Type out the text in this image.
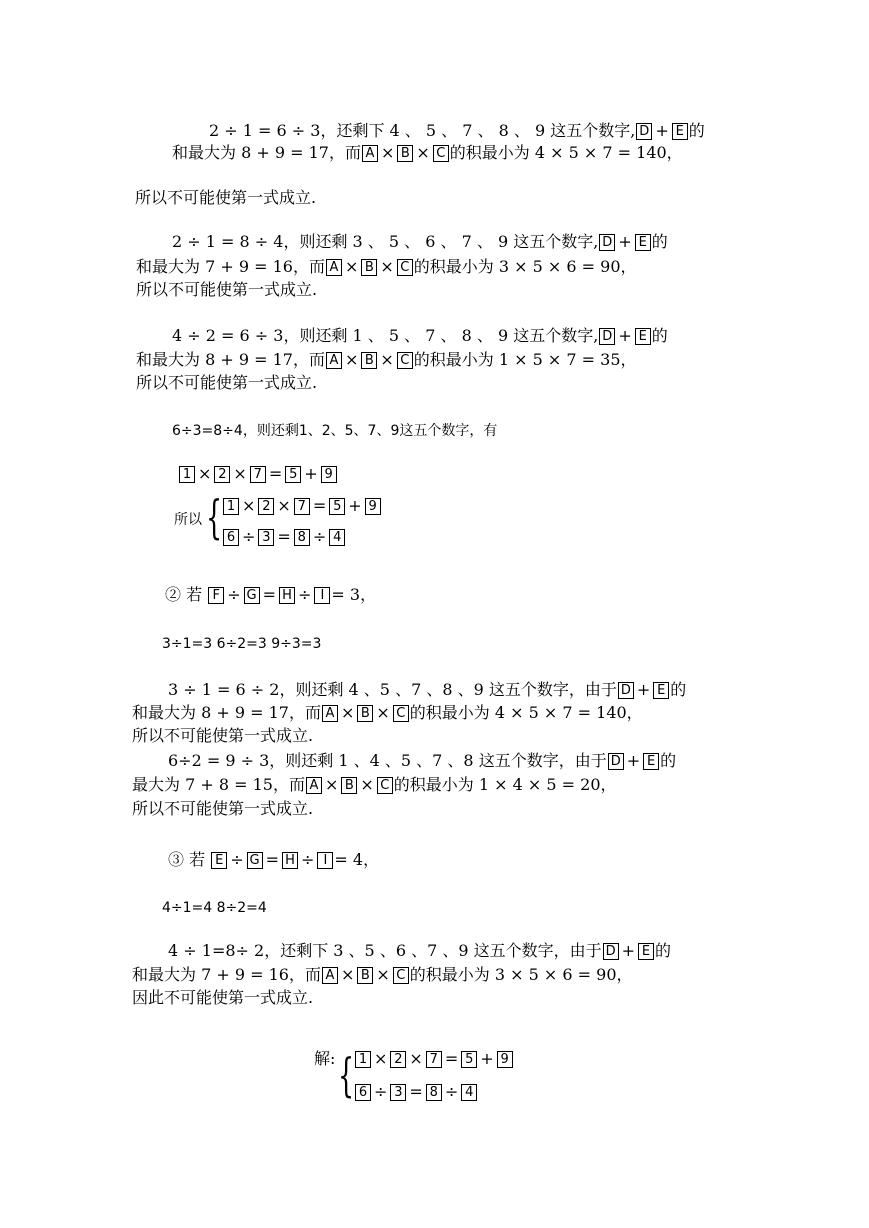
2 ÷ 1 = 6 ÷ 3，还剩下 4 、 5 、 7 、 8 、 9 这五个数字, D + E 的
和最大为 8 + 9 = 17，而 A × B × C 的积最小为 4 × 5 × 7 = 140，
所以不可能使第一式成立.
2 ÷ 1 = 8 ÷ 4，则还剩 3 、 5 、 6 、 7 、 9 这五个数字, D + E 的
和最大为 7 + 9 = 16，而 A × B × C 的积最小为 3 × 5 × 6 = 90，
所以不可能使第一式成立.
4 ÷ 2 = 6 ÷ 3，则还剩 1 、 5 、 7 、 8 、 9 这五个数字, D + E 的
和最大为 8 + 9 = 17，而 A × B × C 的积最小为 1 × 5 × 7 = 35，
所以不可能使第一式成立.
6÷3=8÷4，则还剩1、2、5、7、9这五个数字，有
1 × 2 × 7 = 5 + 9
所以 { 1 × 2 × 7 = 5 + 9
6 ÷ 3 = 8 ÷ 4
② 若 F ÷ G = H ÷ I = 3，
3÷1=3 6÷2=3 9÷3=3
3 ÷ 1 = 6 ÷ 2，则还剩 4 、5 、7 、8 、9 这五个数字，由于 D + E 的
和最大为 8 + 9 = 17，而 A × B × C 的积最小为 4 × 5 × 7 = 140，
所以不可能使第一式成立.
6÷2 = 9 ÷ 3，则还剩 1 、4 、5 、7 、8 这五个数字，由于 D + E 的
最大为 7 + 8 = 15，而 A × B × C 的积最小为 1 × 4 × 5 = 20，
所以不可能使第一式成立.
③ 若 E ÷ G = H ÷ I = 4，
4÷1=4 8÷2=4
4 ÷ 1=8÷ 2，还剩下 3 、5 、6 、7 、9 这五个数字，由于 D + E 的
和最大为 7 + 9 = 16，而 A × B × C 的积最小为 3 × 5 × 6 = 90，
因此不可能使第一式成立.
解: { 1 × 2 × 7 = 5 + 9
6 ÷ 3 = 8 ÷ 4
